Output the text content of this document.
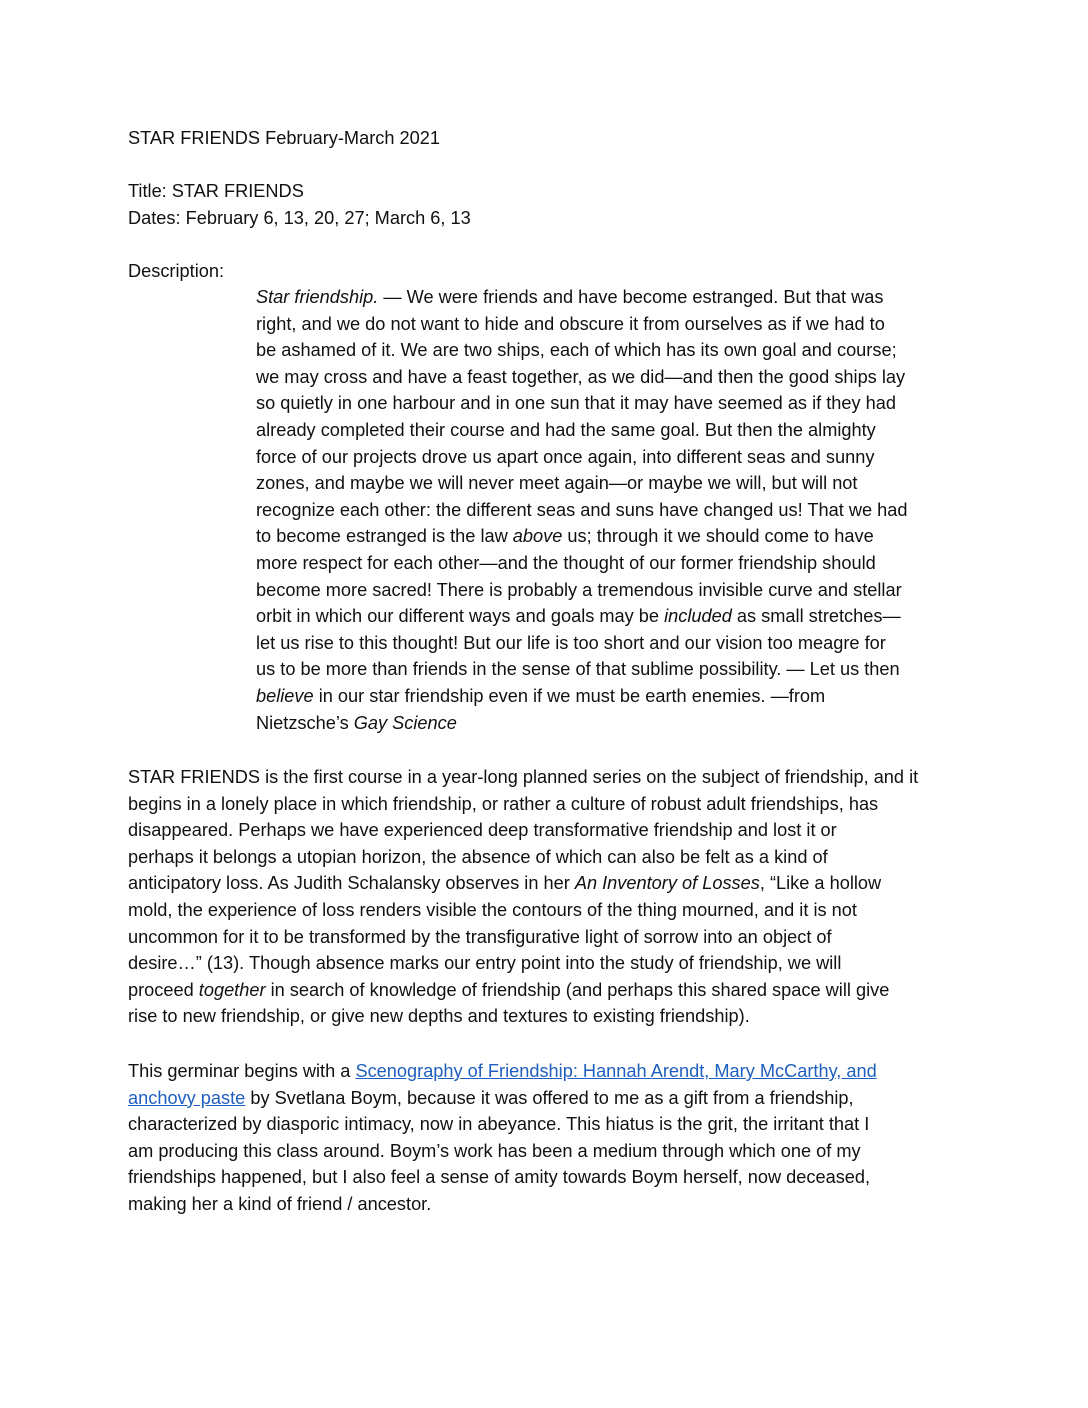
STAR FRIENDS February-March 2021
Title: STAR FRIENDS
Dates: February 6, 13, 20, 27; March 6, 13
Description:

Star friendship. — We were friends and have become estranged. But that was

right, and we do not want to hide and obscure it from ourselves as if we had to

be ashamed of it. We are two ships, each of which has its own goal and course;

we may cross and have a feast together, as we did—and then the good ships lay

so quietly in one harbour and in one sun that it may have seemed as if they had

already completed their course and had the same goal. But then the almighty

force of our projects drove us apart once again, into different seas and sunny

zones, and maybe we will never meet again—or maybe we will, but will not

recognize each other: the different seas and suns have changed us! That we had

to become estranged is the law above us; through it we should come to have

more respect for each other—and the thought of our former friendship should

become more sacred! There is probably a tremendous invisible curve and stellar

orbit in which our different ways and goals may be included as small stretches—

let us rise to this thought! But our life is too short and our vision too meagre for

us to be more than friends in the sense of that sublime possibility. — Let us then

believe in our star friendship even if we must be earth enemies. —from

Nietzsche’s Gay Science

STAR FRIENDS is the first course in a year-long planned series on the subject of friendship, and it

begins in a lonely place in which friendship, or rather a culture of robust adult friendships, has

disappeared. Perhaps we have experienced deep transformative friendship and lost it or

perhaps it belongs a utopian horizon, the absence of which can also be felt as a kind of

anticipatory loss. As Judith Schalansky observes in her An Inventory of Losses, “Like a hollow

mold, the experience of loss renders visible the contours of the thing mourned, and it is not

uncommon for it to be transformed by the transfigurative light of sorrow into an object of

desire…” (13). Though absence marks our entry point into the study of friendship, we will

proceed together in search of knowledge of friendship (and perhaps this shared space will give

rise to new friendship, or give new depths and textures to existing friendship).

This germinar begins with a Scenography of Friendship: Hannah Arendt, Mary McCarthy, and

anchovy paste by Svetlana Boym, because it was offered to me as a gift from a friendship,

characterized by diasporic intimacy, now in abeyance. This hiatus is the grit, the irritant that I

am producing this class around. Boym’s work has been a medium through which one of my

friendships happened, but I also feel a sense of amity towards Boym herself, now deceased,

making her a kind of friend / ancestor.
